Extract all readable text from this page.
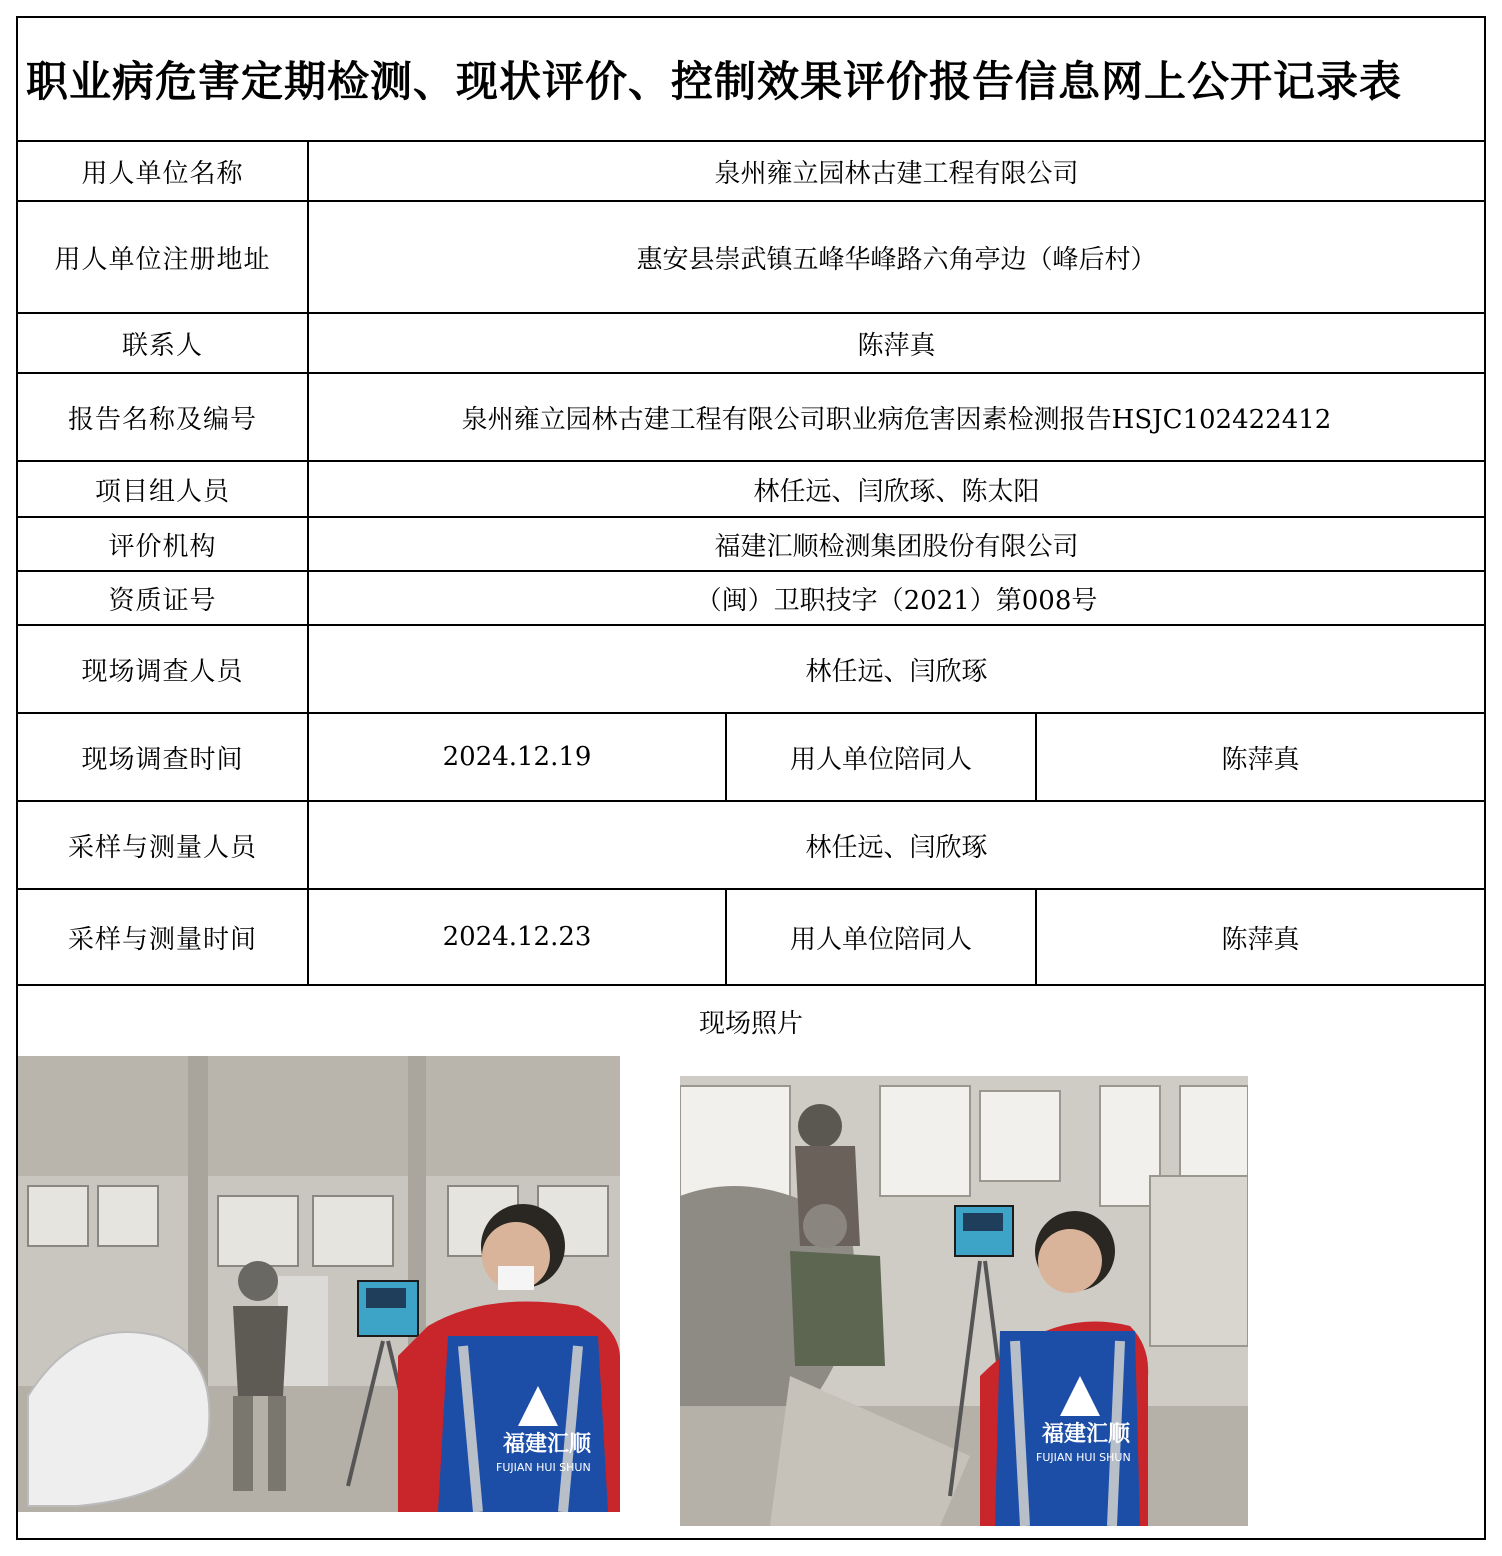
职业病危害定期检测、现状评价、控制效果评价报告信息网上公开记录表
用人单位名称	泉州雍立园林古建工程有限公司
用人单位注册地址	惠安县崇武镇五峰华峰路六角亭边（峰后村）
联系人	陈萍真
报告名称及编号	泉州雍立园林古建工程有限公司职业病危害因素检测报告HSJC102422412
项目组人员	林任远、闫欣琢、陈太阳
评价机构	福建汇顺检测集团股份有限公司
资质证号	（闽）卫职技字（2021）第008号
现场调查人员	林任远、闫欣琢
现场调查时间	2024.12.19	用人单位陪同人	陈萍真
采样与测量人员	林任远、闫欣琢
采样与测量时间	2024.12.23	用人单位陪同人	陈萍真
现场照片
福建汇顺
FUJIAN HUI SHUN
福建汇顺
FUJIAN HUI SHUN
